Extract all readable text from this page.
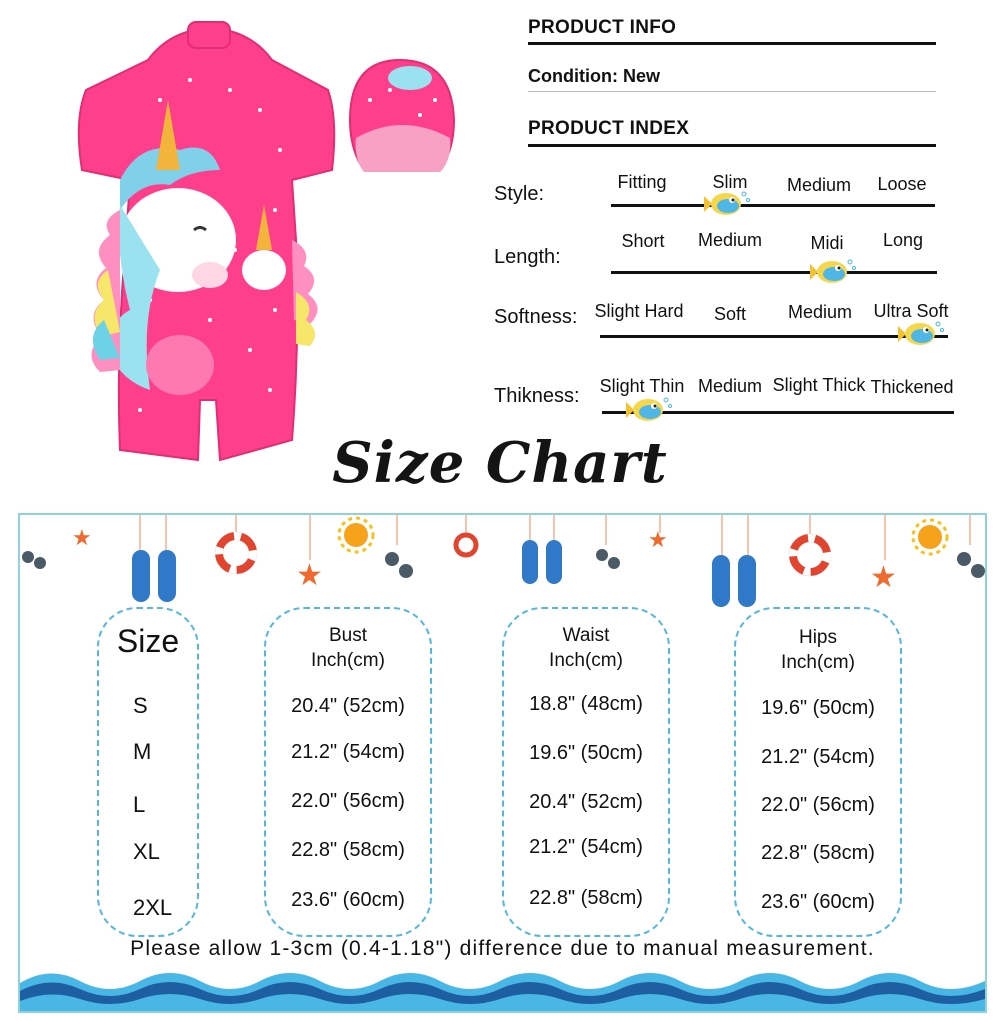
PRODUCT INFO
Condition: New
PRODUCT INDEX
Style:
Fitting	Slim Medium Loose
Length:
Short Medium	Midi Long
Softness: Slight Hard Soft Medium Ultra Soft
Thikness: Slight Thin Medium Slight Thick Thickened
Size Chart
★
★
★
★
Size
S
M
L
XL
2XL
Bust
Inch(cm)
20.4" (52cm)
21.2" (54cm)
22.0" (56cm)
22.8" (58cm)
23.6" (60cm)
Waist
Inch(cm)
18.8" (48cm)
19.6" (50cm)
20.4" (52cm)
21.2" (54cm)
22.8" (58cm)
Hips
Inch(cm)
19.6" (50cm)
21.2" (54cm)
22.0" (56cm)
22.8" (58cm)
23.6" (60cm)
Please allow 1-3cm (0.4-1.18") difference due to manual measurement.
